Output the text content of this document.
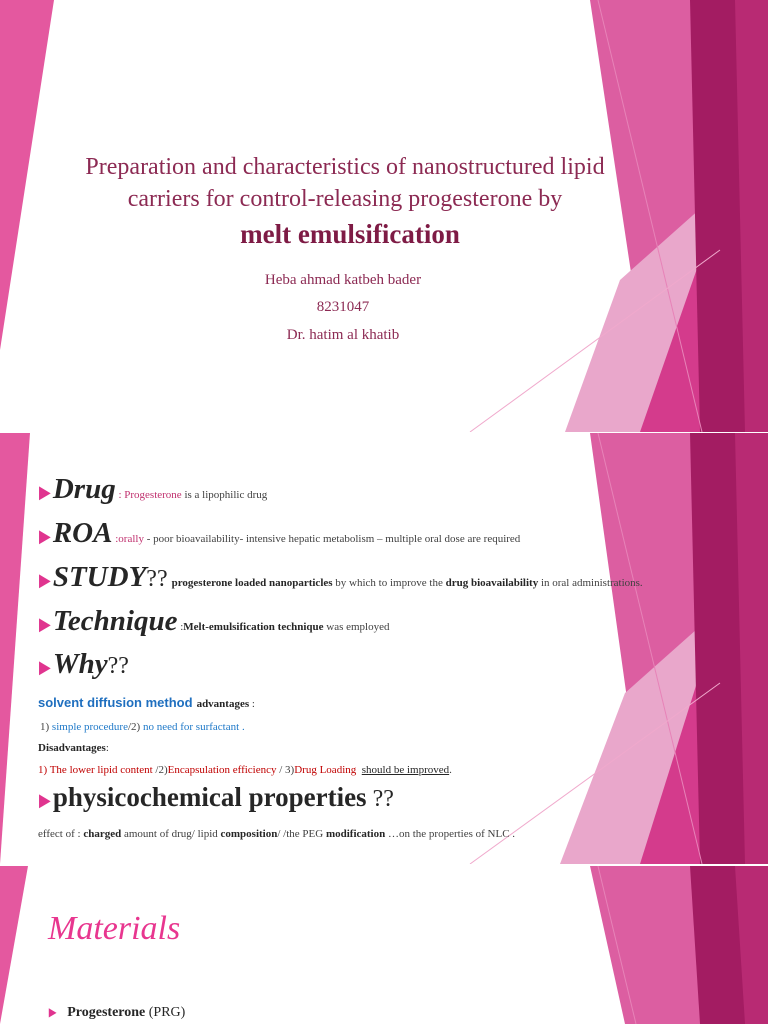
Preparation and characteristics of nanostructured lipid
carriers for control-releasing progesterone by
melt emulsification
Heba ahmad katbeh bader
8231047
Dr. hatim al khatib
▶Drug : Progesterone is a lipophilic drug
▶ROA :orally - poor bioavailability- intensive hepatic metabolism – multiple oral dose are required
▶STUDY?? progesterone loaded nanoparticles by which to improve the drug bioavailability in oral administrations.
▶Technique :Melt-emulsification technique was employed
▶Why??
solvent diffusion method advantages :
1) simple procedure/2) no need for surfactant .
Disadvantages:
1) The lower lipid content /2)Encapsulation efficiency / 3)Drug Loading should be improved.
▶physicochemical properties ??
effect of : charged amount of drug/ lipid composition/ /the PEG modification …on the properties of NLC .
Materials
▶ Progesterone (PRG)
